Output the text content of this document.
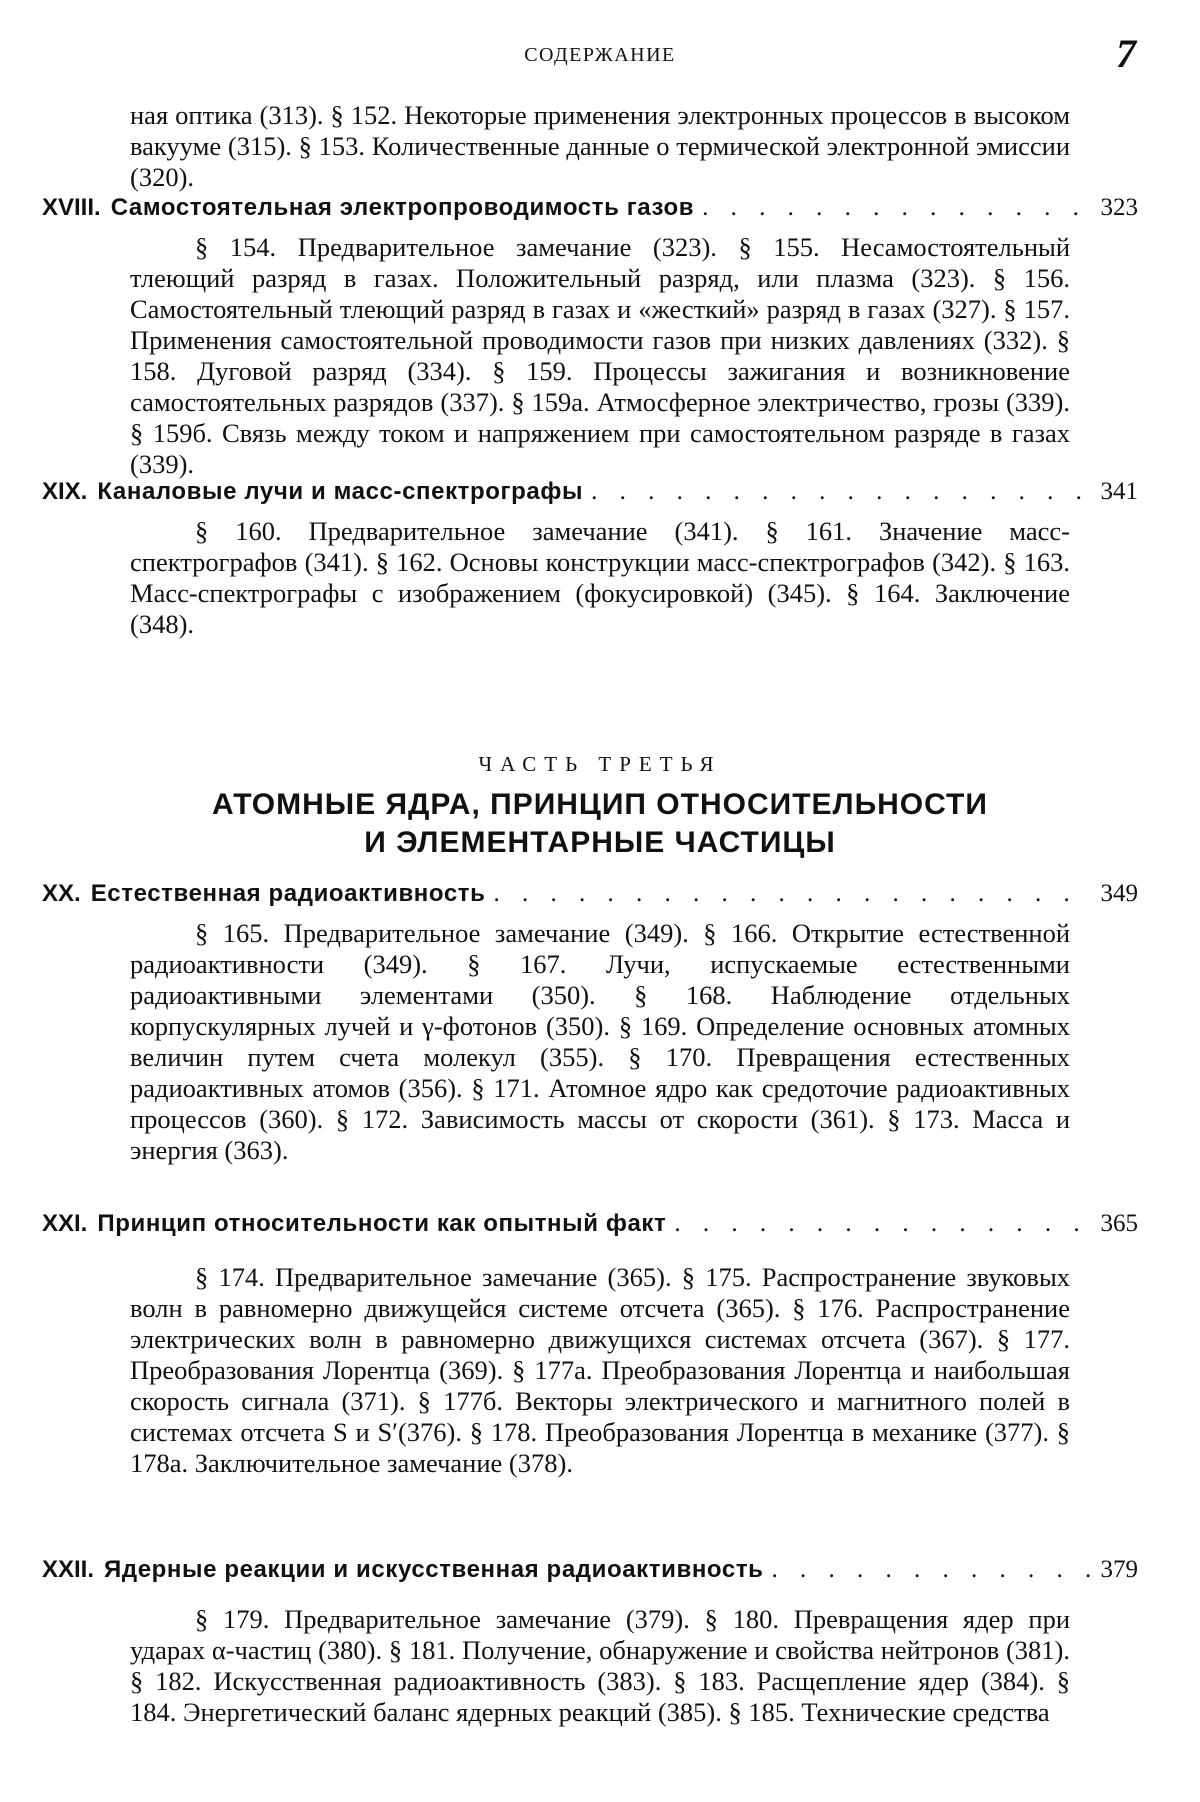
СОДЕРЖАНИЕ	7
ная оптика (313). § 152. Некоторые применения электронных процессов в высоком вакууме (315). § 153. Количественные данные о термической электронной эмиссии (320).
XVIII. Самостоятельная электропроводимость газов . . .	323
§ 154. Предварительное замечание (323). § 155. Несамостоятельный тлеющий разряд в газах. Положительный разряд, или плазма (323). § 156. Самостоятельный тлеющий разряд в газах и «жесткий» разряд в газах (327). § 157. Применения самостоятельной проводимости газов при низких давлениях (332). § 158. Дуговой разряд (334). § 159. Процессы зажигания и возникновение самостоятельных разрядов (337). § 159а. Атмосферное электричество, грозы (339). § 159б. Связь между током и напряжением при самостоятельном разряде в газах (339).
XIX. Каналовые лучи и масс-спектрографы . . .	341
§ 160. Предварительное замечание (341). § 161. Значение масс-спектрографов (341). § 162. Основы конструкции масс-спектрографов (342). § 163. Масс-спектрографы с изображением (фокусировкой) (345). § 164. Заключение (348).
ЧАСТЬ ТРЕТЬЯ
АТОМНЫЕ ЯДРА, ПРИНЦИП ОТНОСИТЕЛЬНОСТИ
И ЭЛЕМЕНТАРНЫЕ ЧАСТИЦЫ
XX. Естественная радиоактивность . . .	349
§ 165. Предварительное замечание (349). § 166. Открытие естественной радиоактивности (349). § 167. Лучи, испускаемые естественными радиоактивными элементами (350). § 168. Наблюдение отдельных корпускулярных лучей и γ-фотонов (350). § 169. Определение основных атомных величин путем счета молекул (355). § 170. Превращения естественных радиоактивных атомов (356). § 171. Атомное ядро как средоточие радиоактивных процессов (360). § 172. Зависимость массы от скорости (361). § 173. Масса и энергия (363).
XXI. Принцип относительности как опытный факт . . .	365
§ 174. Предварительное замечание (365). § 175. Распространение звуковых волн в равномерно движущейся системе отсчета (365). § 176. Распространение электрических волн в равномерно движущихся системах отсчета (367). § 177. Преобразования Лорентца (369). § 177а. Преобразования Лорентца и наибольшая скорость сигнала (371). § 177б. Векторы электрического и магнитного полей в системах отсчета S и S′(376). § 178. Преобразования Лорентца в механике (377). § 178а. Заключительное замечание (378).
XXII. Ядерные реакции и искусственная радиоактивность . . .	379
§ 179. Предварительное замечание (379). § 180. Превращения ядер при ударах α-частиц (380). § 181. Получение, обнаружение и свойства нейтронов (381). § 182. Искусственная радиоактивность (383). § 183. Расщепление ядер (384). § 184. Энергетический баланс ядерных реакций (385). § 185. Технические средства
